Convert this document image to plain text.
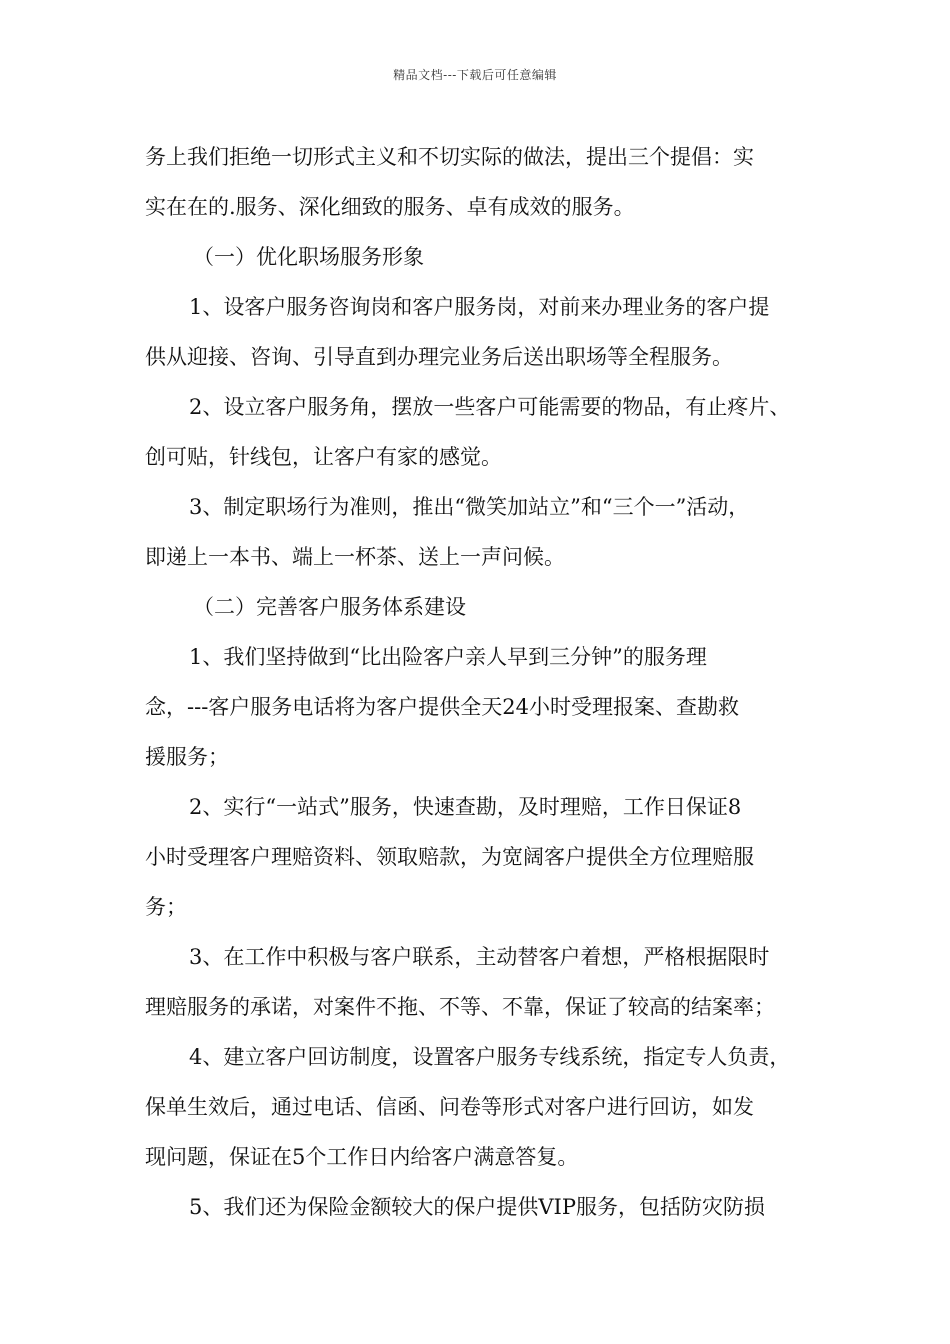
精品文档---下载后可任意编辑
务上我们拒绝一切形式主义和不切实际的做法，提出三个提倡：实
实在在的.服务、深化细致的服务、卓有成效的服务。
（一）优化职场服务形象
1、设客户服务咨询岗和客户服务岗，对前来办理业务的客户提
供从迎接、咨询、引导直到办理完业务后送出职场等全程服务。
2、设立客户服务角，摆放一些客户可能需要的物品，有止疼片、
创可贴，针线包，让客户有家的感觉。
3、制定职场行为准则，推出“微笑加站立”和“三个一”活动，
即递上一本书、端上一杯茶、送上一声问候。
（二）完善客户服务体系建设
1、我们坚持做到“比出险客户亲人早到三分钟”的服务理
念，---客户服务电话将为客户提供全天24小时受理报案、查勘救
援服务；
2、实行“一站式”服务，快速查勘，及时理赔，工作日保证8
小时受理客户理赔资料、领取赔款，为宽阔客户提供全方位理赔服
务；
3、在工作中积极与客户联系，主动替客户着想，严格根据限时
理赔服务的承诺，对案件不拖、不等、不靠，保证了较高的结案率；
4、建立客户回访制度，设置客户服务专线系统，指定专人负责，
保单生效后，通过电话、信函、问卷等形式对客户进行回访，如发
现问题，保证在5个工作日内给客户满意答复。
5、我们还为保险金额较大的保户提供VIP服务，包括防灾防损
